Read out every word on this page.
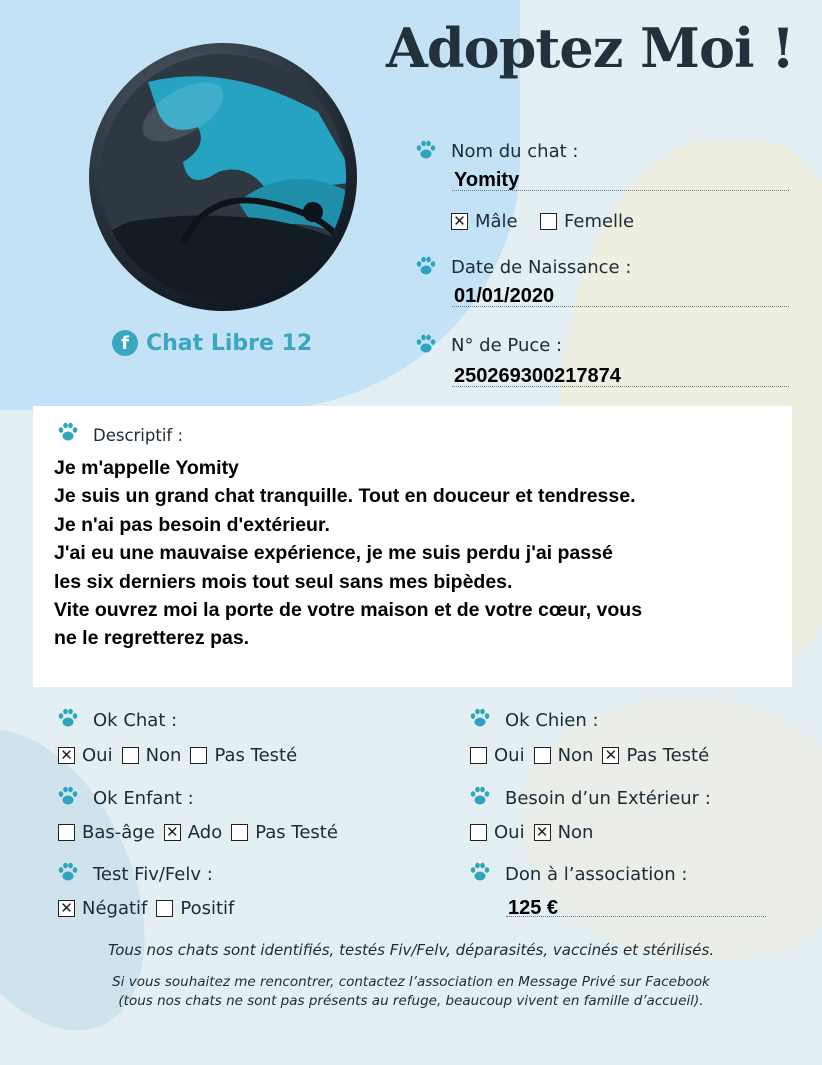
Adoptez Moi !
f Chat Libre 12
Nom du chat :
Yomity
✕ Mâle	Femelle
Date de Naissance :
01/01/2020
N° de Puce :
250269300217874
Descriptif :
Je m'appelle Yomity
Je suis un grand chat tranquille. Tout en douceur et tendresse.
Je n'ai pas besoin d'extérieur.
J'ai eu une mauvaise expérience, je me suis perdu j'ai passé
les six derniers mois tout seul sans mes bipèdes.
Vite ouvrez moi la porte de votre maison et de votre cœur, vous
ne le regretterez pas.
Ok Chat :
✕ Oui Non Pas Testé
Ok Chien :
Oui Non ✕ Pas Testé
Ok Enfant :
Bas-âge ✕ Ado Pas Testé
Besoin d’un Extérieur :
Oui ✕ Non
Test Fiv/Felv :
✕ Négatif Positif
Don à l’association :
125 €
Tous nos chats sont identifiés, testés Fiv/Felv, déparasités, vaccinés et stérilisés.
Si vous souhaitez me rencontrer, contactez l’association en Message Privé sur Facebook
(tous nos chats ne sont pas présents au refuge, beaucoup vivent en famille d’accueil).
